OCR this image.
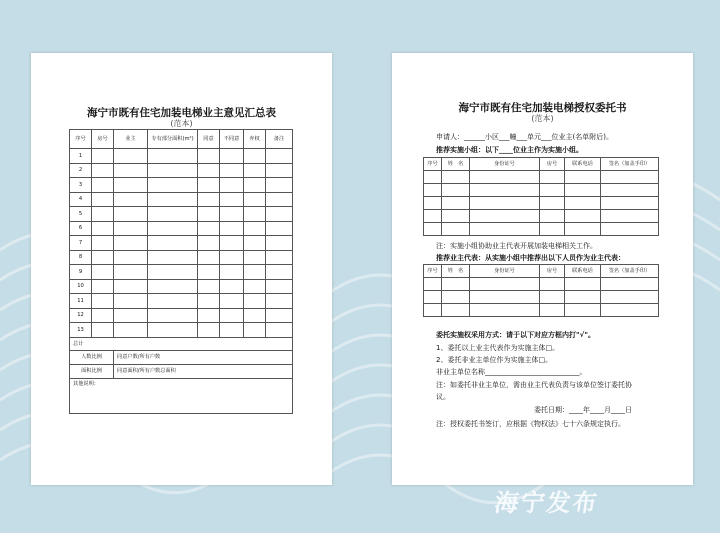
海宁市既有住宅加装电梯业主意见汇总表
(范本)
序号	房号	业主	专有部分面积(m²)	同意	不同意	弃权	备注
1							
2							
3							
4							
5							
6							
7							
8							
9							
10							
11							
12							
13							
总计							
人数比例		同意户数/所有户数					
面积比例		同意面积/所有户数总面积					
其他说明：							
海宁市既有住宅加装电梯授权委托书
(范本)
申请人：______小区___幢___单元___位业主(名单附后)。
推荐实施小组：以下____位业主作为实施小组。
序号	姓　名	身份证号	房号	联系电话	签名（加盖手印）

注：实施小组协助业主代表开展加装电梯相关工作。
推荐业主代表：从实施小组中推荐出以下人员作为业主代表：
序号	姓　名	身份证号	房号	联系电话	签名（加盖手印）

委托实施权采用方式：请于以下对应方框内打"√"。
1、委托以上业主代表作为实施主体□。
2、委托非业主单位作为实施主体□。
非业主单位名称___________________________。
注：如委托非业主单位，需由业主代表负责与该单位签订委托协
议。
委托日期：____年____月____日
注：授权委托书签订，应根据《物权法》七十六条规定执行。
海宁发布
